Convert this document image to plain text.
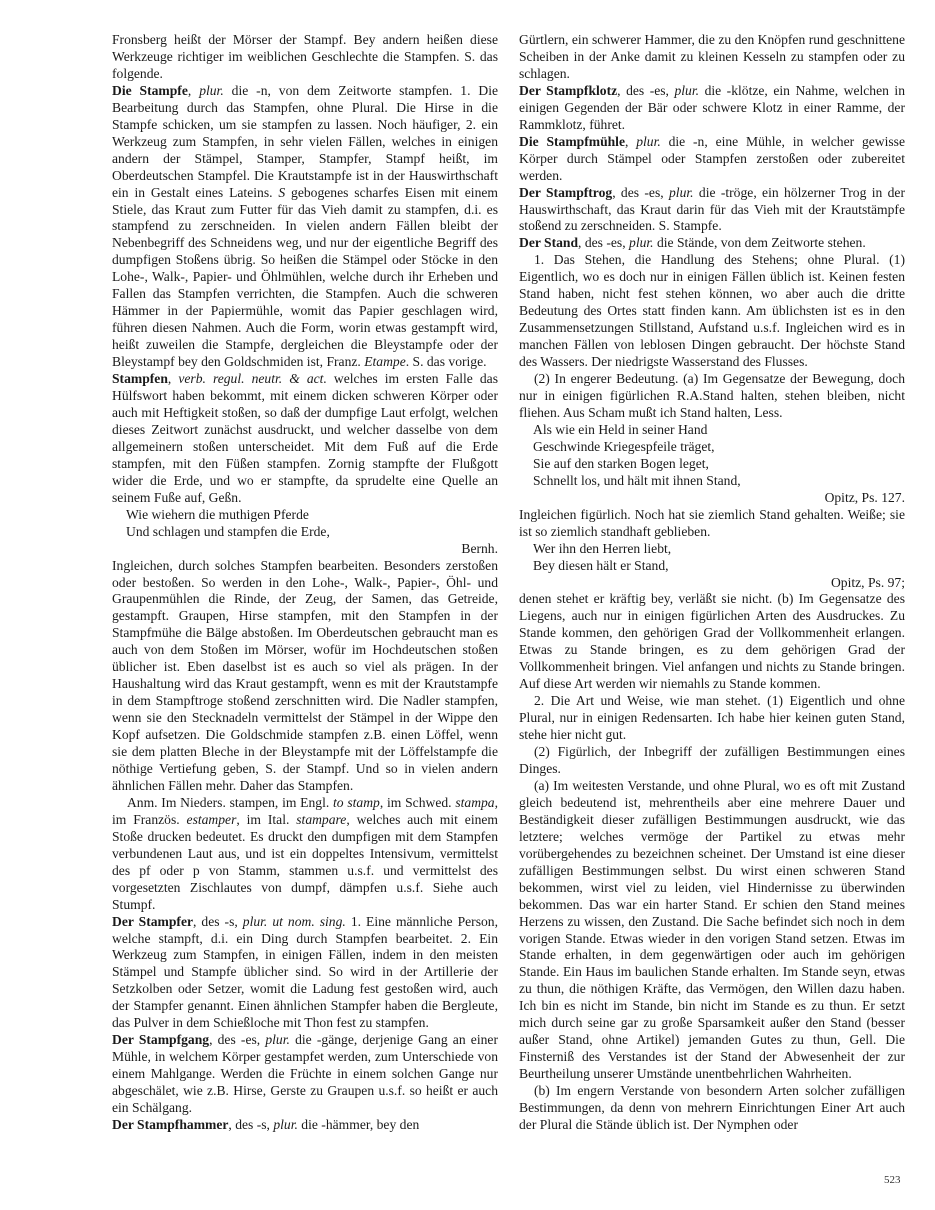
Fronsberg heißt der Mörser der Stampf. Bey andern heißen diese Werkzeuge richtiger im weiblichen Geschlechte die Stampfen. S. das folgende.

Die Stampfe, plur. die -n, von dem Zeitworte stampfen. 1. Die Bearbeitung durch das Stampfen, ohne Plural. Die Hirse in die Stampfe schicken, um sie stampfen zu lassen. Noch häufiger, 2. ein Werkzeug zum Stampfen, in sehr vielen Fällen, welches in einigen andern der Stämpel, Stamper, Stampfer, Stampf heißt, im Oberdeutschen Stampfel. Die Krautstampfe ist in der Hauswirthschaft ein in Gestalt eines Lateins. S gebogenes scharfes Eisen mit einem Stiele, das Kraut zum Futter für das Vieh damit zu stampfen, d.i. es stampfend zu zerschneiden. In vielen andern Fällen bleibt der Nebenbegriff des Schneidens weg, und nur der eigentliche Begriff des dumpfigen Stoßens übrig. So heißen die Stämpel oder Stöcke in den Lohe-, Walk-, Papier- und Öhlmühlen, welche durch ihr Erheben und Fallen das Stampfen verrichten, die Stampfen. Auch die schweren Hämmer in der Papiermühle, womit das Papier geschlagen wird, führen diesen Nahmen. Auch die Form, worin etwas gestampft wird, heißt zuweilen die Stampfe, dergleichen die Bleystampfe oder der Bleystampf bey den Goldschmiden ist, Franz. Etampe. S. das vorige.

Stampfen, verb. regul. neutr. & act. welches im ersten Falle das Hülfswort haben bekommt, mit einem dicken schweren Körper oder auch mit Heftigkeit stoßen, so daß der dumpfige Laut erfolgt, welchen dieses Zeitwort zunächst ausdruckt, und welcher dasselbe von dem allgemeinern stoßen unterscheidet. Mit dem Fuß auf die Erde stampfen, mit den Füßen stampfen. Zornig stampfte der Flußgott wider die Erde, und wo er stampfte, da sprudelte eine Quelle an seinem Fuße auf, Geßn.

Wie wiehern die muthigen Pferde

Und schlagen und stampfen die Erde,

Bernh.

Ingleichen, durch solches Stampfen bearbeiten. Besonders zerstoßen oder bestoßen. So werden in den Lohe-, Walk-, Papier-, Öhl- und Graupenmühlen die Rinde, der Zeug, der Samen, das Getreide, gestampft. Graupen, Hirse stampfen, mit den Stampfen in der Stampfmühe die Bälge abstoßen. Im Oberdeutschen gebraucht man es auch von dem Stoßen im Mörser, wofür im Hochdeutschen stoßen üblicher ist. Eben daselbst ist es auch so viel als prägen. In der Haushaltung wird das Kraut gestampft, wenn es mit der Krautstampfe in dem Stampftroge stoßend zerschnitten wird. Die Nadler stampfen, wenn sie den Stecknadeln vermittelst der Stämpel in der Wippe den Kopf aufsetzen. Die Goldschmide stampfen z.B. einen Löffel, wenn sie dem platten Bleche in der Bleystampfe mit der Löffelstampfe die nöthige Vertiefung geben, S. der Stampf. Und so in vielen andern ähnlichen Fällen mehr. Daher das Stampfen.

Anm. Im Nieders. stampen, im Engl. to stamp, im Schwed. stampa, im Französ. estamper, im Ital. stampare, welches auch mit einem Stoße drucken bedeutet. Es druckt den dumpfigen mit dem Stampfen verbundenen Laut aus, und ist ein doppeltes Intensivum, vermittelst des pf oder p von Stamm, stammen u.s.f. und vermittelst des vorgesetzten Zischlautes von dumpf, dämpfen u.s.f. Siehe auch Stumpf.

Der Stampfer, des -s, plur. ut nom. sing. 1. Eine männliche Person, welche stampft, d.i. ein Ding durch Stampfen bearbeitet. 2. Ein Werkzeug zum Stampfen, in einigen Fällen, indem in den meisten Stämpel und Stampfe üblicher sind. So wird in der Artillerie der Setzkolben oder Setzer, womit die Ladung fest gestoßen wird, auch der Stampfer genannt. Einen ähnlichen Stampfer haben die Bergleute, das Pulver in dem Schießloche mit Thon fest zu stampfen.

Der Stampfgang, des -es, plur. die -gänge, derjenige Gang an einer Mühle, in welchem Körper gestampfet werden, zum Unterschiede von einem Mahlgange. Werden die Früchte in einem solchen Gange nur abgeschälet, wie z.B. Hirse, Gerste zu Graupen u.s.f. so heißt er auch ein Schälgang.

Der Stampfhammer, des -s, plur. die -hämmer, bey den

Gürtlern, ein schwerer Hammer, die zu den Knöpfen rund geschnittene Scheiben in der Anke damit zu kleinen Kesseln zu stampfen oder zu schlagen.

Der Stampfklotz, des -es, plur. die -klötze, ein Nahme, welchen in einigen Gegenden der Bär oder schwere Klotz in einer Ramme, der Rammklotz, führet.

Die Stampfmühle, plur. die -n, eine Mühle, in welcher gewisse Körper durch Stämpel oder Stampfen zerstoßen oder zubereitet werden.

Der Stampftrog, des -es, plur. die -tröge, ein hölzerner Trog in der Hauswirthschaft, das Kraut darin für das Vieh mit der Krautstämpfe stoßend zu zerschneiden. S. Stampfe.

Der Stand, des -es, plur. die Stände, von dem Zeitworte stehen.

1. Das Stehen, die Handlung des Stehens; ohne Plural. (1) Eigentlich, wo es doch nur in einigen Fällen üblich ist. Keinen festen Stand haben, nicht fest stehen können, wo aber auch die dritte Bedeutung des Ortes statt finden kann. Am üblichsten ist es in den Zusammensetzungen Stillstand, Aufstand u.s.f. Ingleichen wird es in manchen Fällen von leblosen Dingen gebraucht. Der höchste Stand des Wassers. Der niedrigste Wasserstand des Flusses.

(2) In engerer Bedeutung. (a) Im Gegensatze der Bewegung, doch nur in einigen figürlichen R.A.Stand halten, stehen bleiben, nicht fliehen. Aus Scham mußt ich Stand halten, Less.

Als wie ein Held in seiner Hand

Geschwinde Kriegespfeile träget,

Sie auf den starken Bogen leget,

Schnellt los, und hält mit ihnen Stand,

Opitz, Ps. 127.

Ingleichen figürlich. Noch hat sie ziemlich Stand gehalten. Weiße; sie ist so ziemlich standhaft geblieben.

Wer ihn den Herren liebt,

Bey diesen hält er Stand,

Opitz, Ps. 97;

denen stehet er kräftig bey, verläßt sie nicht. (b) Im Gegensatze des Liegens, auch nur in einigen figürlichen Arten des Ausdruckes. Zu Stande kommen, den gehörigen Grad der Vollkommenheit erlangen. Etwas zu Stande bringen, es zu dem gehörigen Grad der Vollkommenheit bringen. Viel anfangen und nichts zu Stande bringen. Auf diese Art werden wir niemahls zu Stande kommen.

2. Die Art und Weise, wie man stehet. (1) Eigentlich und ohne Plural, nur in einigen Redensarten. Ich habe hier keinen guten Stand, stehe hier nicht gut.

(2) Figürlich, der Inbegriff der zufälligen Bestimmungen eines Dinges.

(a) Im weitesten Verstande, und ohne Plural, wo es oft mit Zustand gleich bedeutend ist, mehrentheils aber eine mehrere Dauer und Beständigkeit dieser zufälligen Bestimmungen ausdruckt, wie das letztere; welches vermöge der Partikel zu etwas mehr vorübergehendes zu bezeichnen scheinet. Der Umstand ist eine dieser zufälligen Bestimmungen selbst. Du wirst einen schweren Stand bekommen, wirst viel zu leiden, viel Hindernisse zu überwinden bekommen. Das war ein harter Stand. Er schien den Stand meines Herzens zu wissen, den Zustand. Die Sache befindet sich noch in dem vorigen Stande. Etwas wieder in den vorigen Stand setzen. Etwas im Stande erhalten, in dem gegenwärtigen oder auch im gehörigen Stande. Ein Haus im baulichen Stande erhalten. Im Stande seyn, etwas zu thun, die nöthigen Kräfte, das Vermögen, den Willen dazu haben. Ich bin es nicht im Stande, bin nicht im Stande es zu thun. Er setzt mich durch seine gar zu große Sparsamkeit außer den Stand (besser außer Stand, ohne Artikel) jemanden Gutes zu thun, Gell. Die Finsterniß des Verstandes ist der Stand der Abwesenheit der zur Beurtheilung unserer Umstände unentbehrlichen Wahrheiten.

(b) Im engern Verstande von besondern Arten solcher zufälligen Bestimmungen, da denn von mehrern Einrichtungen Einer Art auch der Plural die Stände üblich ist. Der Nymphen oder

523
